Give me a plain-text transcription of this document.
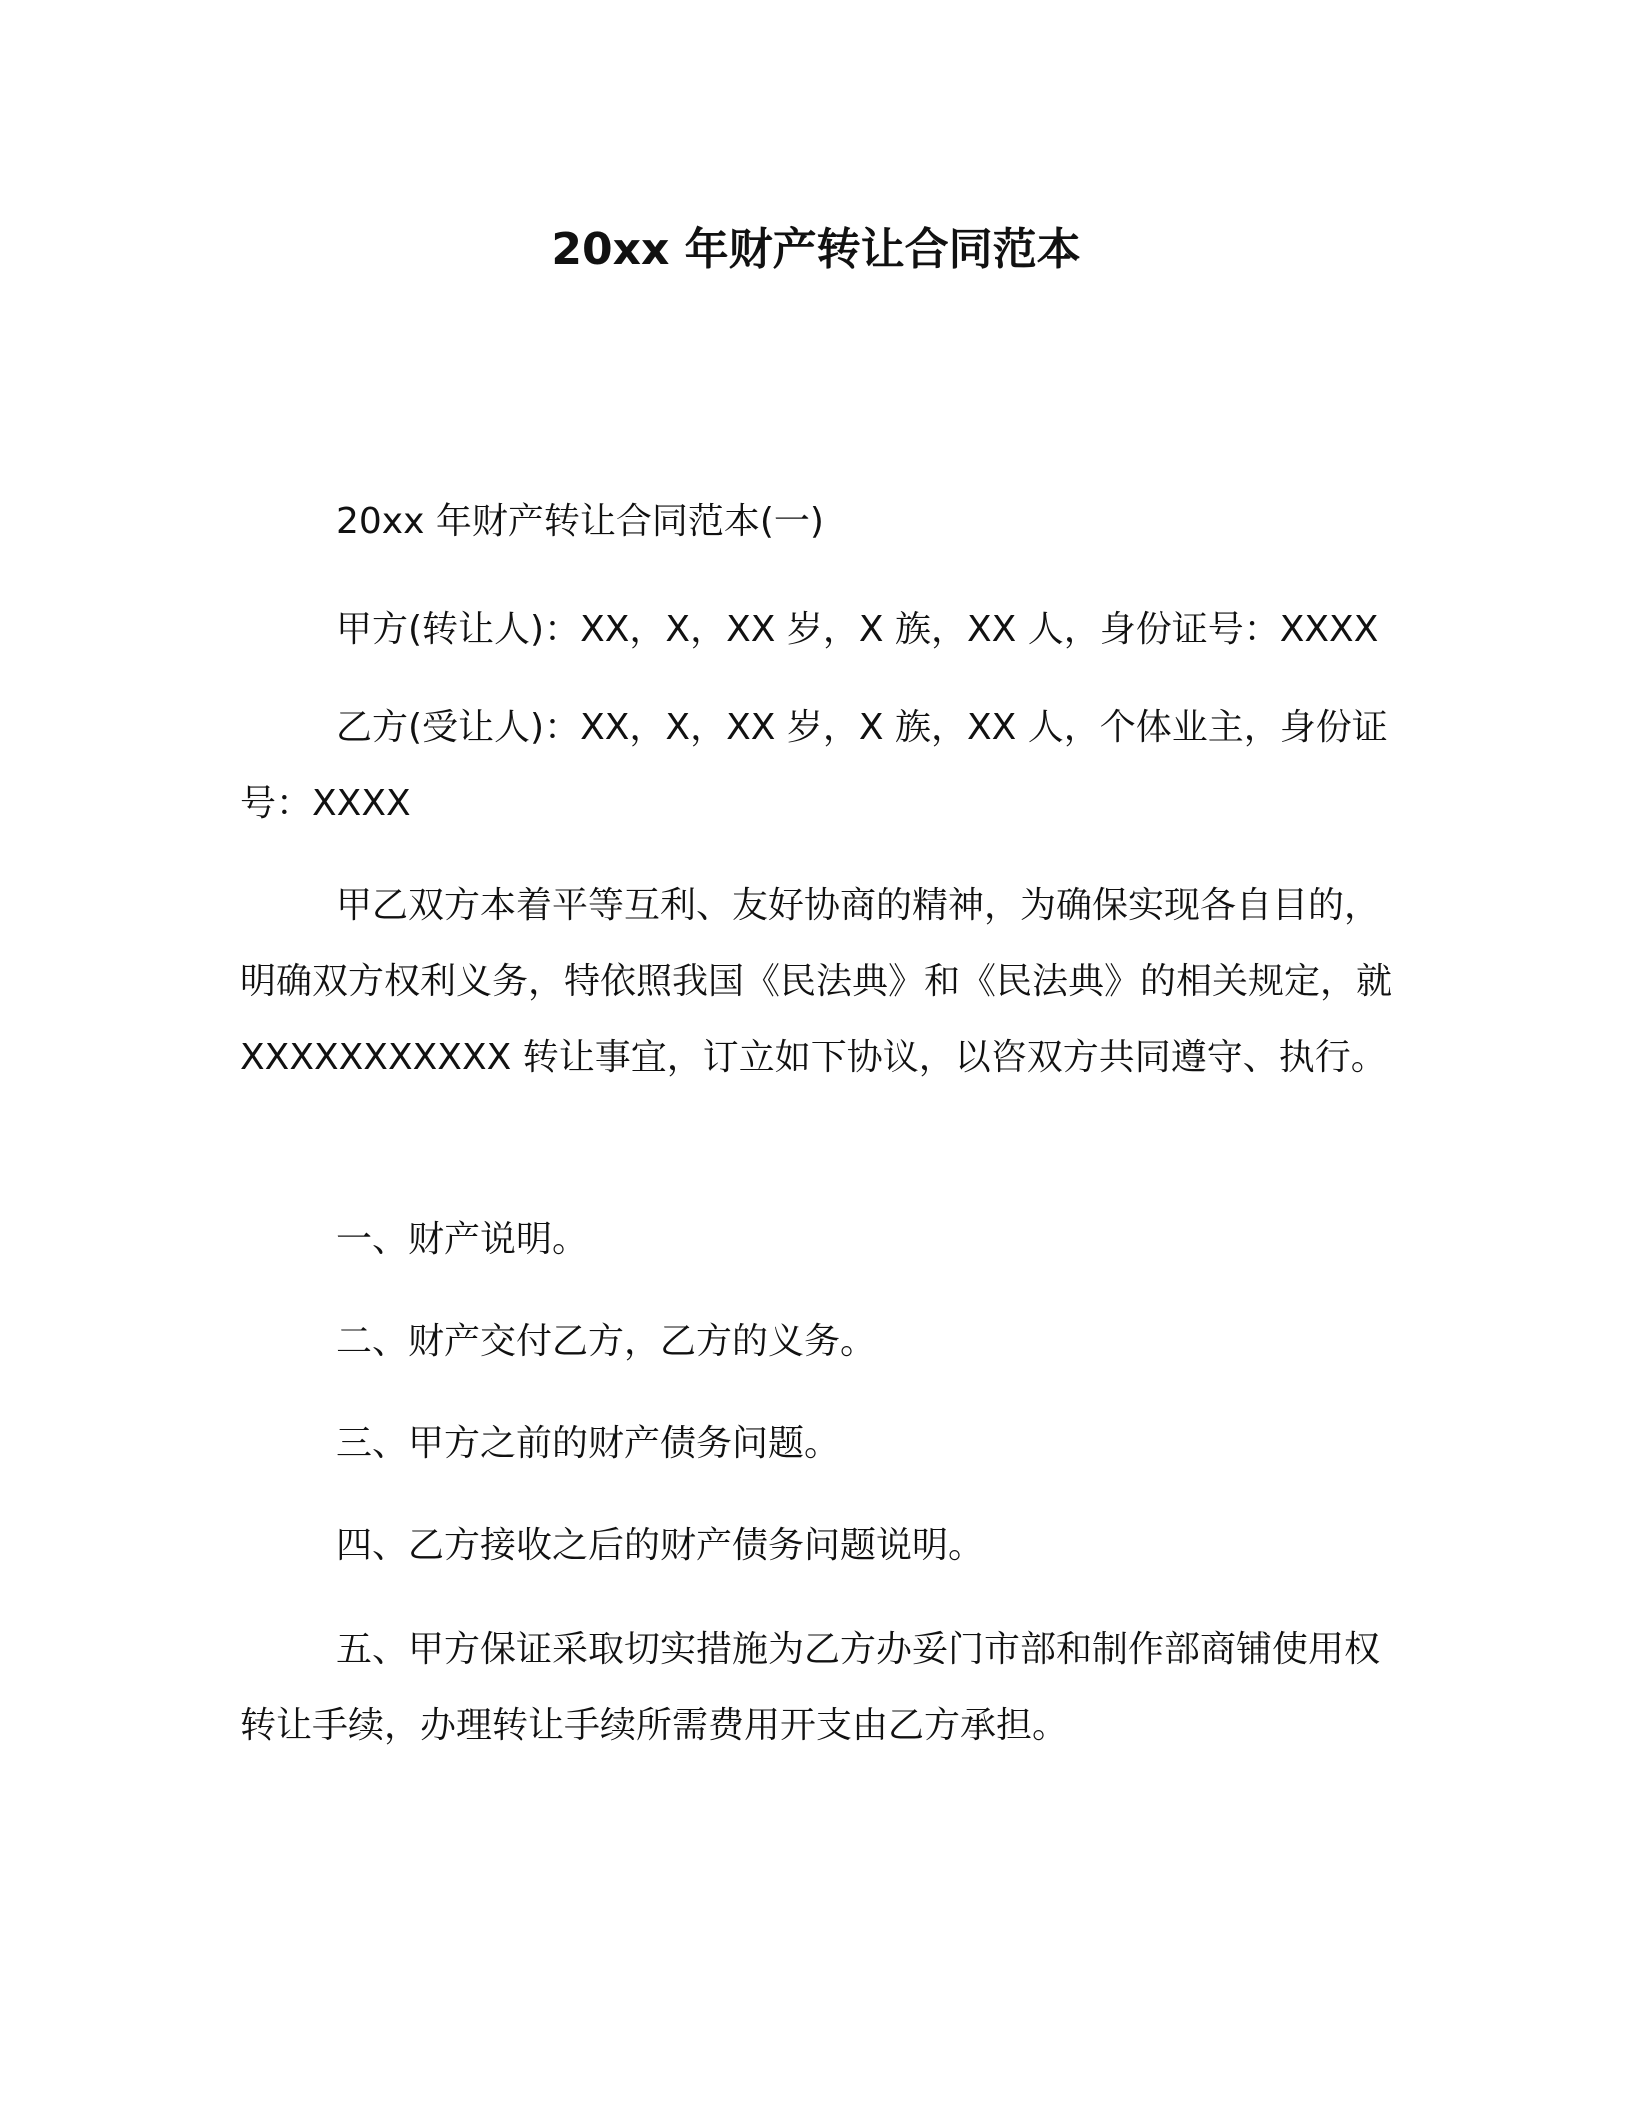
20xx 年财产转让合同范本

20xx 年财产转让合同范本(一)

甲方(转让人)：XX，X，XX 岁，X 族，XX 人，身份证号：XXXX

乙方(受让人)：XX，X，XX 岁，X 族，XX 人，个体业主，身份证号：XXXX

甲乙双方本着平等互利、友好协商的精神，为确保实现各自目的，明确双方权利义务，特依照我国《民法典》和《民法典》的相关规定，就 XXXXXXXXXXX 转让事宜，订立如下协议，以咨双方共同遵守、执行。

一、财产说明。

二、财产交付乙方，乙方的义务。

三、甲方之前的财产债务问题。

四、乙方接收之后的财产债务问题说明。

五、甲方保证采取切实措施为乙方办妥门市部和制作部商铺使用权转让手续，办理转让手续所需费用开支由乙方承担。
